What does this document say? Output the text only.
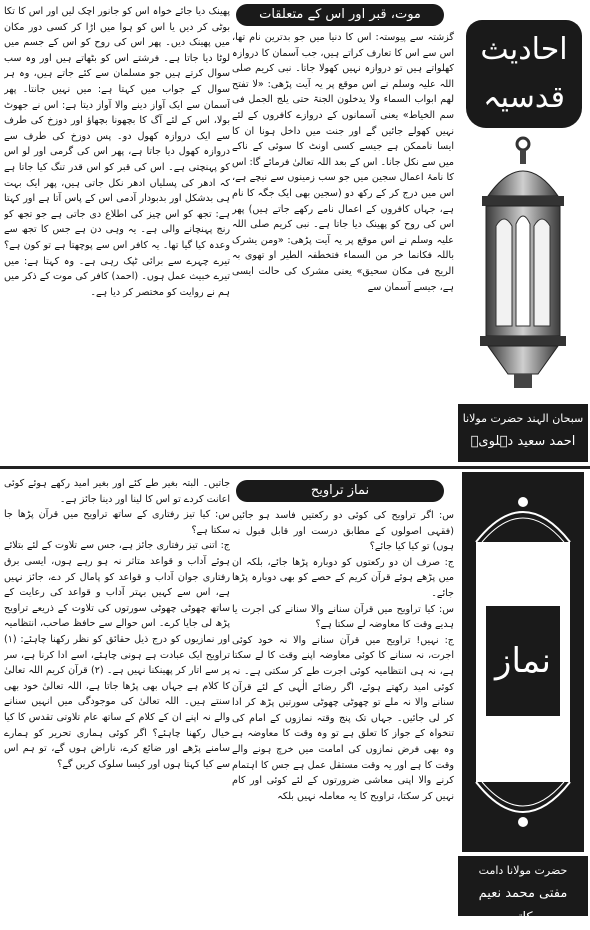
موت، قبر اور اس کے متعلقات

گزشتہ سے پیوستہ: اس کا دنیا میں جو بدترین نام تھا، اس سے اس کا تعارف کراتے ہیں، جب آسمان کا دروازہ کھلواتے ہیں تو دروازہ نہیں کھولا جاتا۔ نبی کریم صلی اللہ علیہ وسلم نے اس موقع پر یہ آیت پڑھی: «لا تفتح لھم ابواب السماء ولا یدخلون الجنۃ حتی یلج الجمل فی سم الخیاط» یعنی آسمانوں کے دروازے کافروں کے لئے نہیں کھولے جائیں گے اور جنت میں داخل ہونا ان کا ایسا ناممکن ہے جیسے کسی اونٹ کا سوئی کے ناکے میں سے نکل جانا۔ اس کے بعد اللہ تعالیٰ فرمائے گا: اس کا نامۂ اعمال سجین میں جو سب زمینوں سے نیچے ہے، اس میں درج کر کے رکھ دو (سجین بھی ایک جگہ کا نام ہے، جہاں کافروں کے اعمال نامے رکھے جاتے ہیں) پھر اس کی روح کو پھینک دیا جاتا ہے۔ نبی کریم صلی اللہ علیہ وسلم نے اس موقع پر یہ آیت پڑھی: «ومن یشرک باللہ فکانما خر من السماء فتخطفہ الطیر او تھوی بہ الریح فی مکان سحیق» یعنی مشرک کی حالت ایسی ہے، جیسے آسمان سے

پھینک دیا جائے خواہ اس کو جانور اچک لیں اور اس کا تکا بوٹی کر دیں یا اس کو ہوا میں اڑا کر کسی دور مکان میں پھینک دیں۔ پھر اس کی روح کو اس کے جسم میں لوٹا دیا جاتا ہے۔ فرشتے اس کو بٹھاتے ہیں اور وہ سب سوال کرتے ہیں جو مسلمان سے کئے جاتے ہیں، وہ ہر سوال کے جواب میں کہتا ہے: میں نہیں جانتا۔ پھر آسمان سے ایک آواز دینے والا آواز دیتا ہے: اس نے جھوٹ بولا، اس کے لئے آگ کا بچھونا بچھاؤ اور دوزخ کی طرف سے ایک دروازہ کھول دو۔ پس دوزخ کی طرف سے دروازہ کھول دیا جاتا ہے، پھر اس کی گرمی اور لو اس کو پہنچتی ہے۔ اس کی قبر کو اس قدر تنگ کیا جاتا ہے کہ ادھر کی پسلیاں ادھر نکل جاتی ہیں، پھر ایک بہت ہی بدشکل اور بدبودار آدمی اس کے پاس آتا ہے اور کہتا ہے: تجھ کو اس چیز کی اطلاع دی جاتی ہے جو تجھ کو رنج پہنچانے والی ہے۔ یہ وہی دن ہے جس کا تجھ سے وعدہ کیا گیا تھا۔ یہ کافر اس سے پوچھتا ہے تو کون ہے؟ تیرے چہرے سے برائی ٹپک رہی ہے۔ وہ کہتا ہے: میں تیرے خبیث عمل ہوں۔ (احمد) کافر کی موت کے ذکر میں ہم نے روایت کو مختصر کر دیا ہے۔

احادیث
قدسیہ
سبحان الہند حضرت مولانا
احمد سعید دہلویؒ
نماز تراویح

س: اگر تراویح کی کوئی دو رکعتیں فاسد ہو جائیں (فقہی اصولوں کے مطابق درست اور قابل قبول نہ ہوں) تو کیا کیا جائے؟

ج: صرف ان دو رکعتوں کو دوبارہ پڑھا جائے، بلکہ ان میں پڑھے ہوئے قرآن کریم کے حصے کو بھی دوبارہ پڑھا جائے۔

س: کیا تراویح میں قرآن سنانے والا سنانے کی اجرت یا ہدیے وقت کا معاوضہ لے سکتا ہے؟

ج: نہیں! تراویح میں قرآن سنانے والا نہ خود کوئی اجرت، نہ سنانے کا کوئی معاوضہ اپنے وقت کا لے سکتا ہے، نہ ہی انتظامیہ کوئی اجرت طے کر سکتی ہے۔ نہ کوئی امید رکھتے ہوئے، اگر رضائے الٰہی کے لئے قرآن سنانے والا نہ ملے تو چھوٹی چھوٹی سورتیں پڑھ کر ادا کر لی جائیں۔ جہاں تک پنج وقتہ نمازوں کے امام کی تنخواہ کے جواز کا تعلق ہے تو وہ وقت کا معاوضہ ہے وہ بھی فرض نمازوں کی امامت میں خرچ ہونے والے وقت کا ہے اور یہ وقت مستقل عمل ہے جس کا اہتمام کرنے والا اپنی معاشی ضرورتوں کے لئے کوئی اور کام نہیں کر سکتا، تراویح کا یہ معاملہ نہیں بلکہ

جاتیں۔ البتہ بغیر طے کئے اور بغیر امید رکھے ہوئے کوئی اعانت کردے تو اس کا لینا اور دینا جائز ہے۔

س: کیا تیز رفتاری کے ساتھ تراویح میں قرآن پڑھا جا سکتا ہے؟

ج: اتنی تیز رفتاری جائز ہے، جس سے تلاوت کے لئے بتلائے ہوئے آداب و قواعد متاثر نہ ہو رہے ہوں، ایسی برق رفتاری جوان آداب و قواعد کو پامال کر دے، جائز نہیں ہے، اس سے کہیں بہتر آداب و قواعد کی رعایت کے ساتھ چھوٹی چھوٹی سورتوں کی تلاوت کے ذریعے تراویح پڑھ لی جایا کرے۔ اس حوالے سے حافظ صاحب، انتظامیہ اور نمازیوں کو درج ذیل حقائق کو نظر رکھنا چاہئے: (۱) تراویح ایک عبادت ہے ہونی چاہئے، اسے ادا کرنا ہے، سر پر سے اتار کر پھینکنا نہیں ہے۔ (۲) قرآن کریم اللہ تعالیٰ کا کلام ہے جہاں بھی پڑھا جاتا ہے، اللہ تعالیٰ خود بھی سنتے ہیں۔ اللہ تعالیٰ کی موجودگی میں انہیں سنانے والے نہ اپنے ان کے کلام کے ساتھ عام تلاوتی تقدس کا کیا خیال رکھنا چاہئے؟ اگر کوئی ہماری تحریر کو ہمارے سامنے پڑھے اور ضائع کرے، ناراض ہوں گے، تو ہم اس سے کیا کہتا ہوں اور کیسا سلوک کریں گے؟

نماز
حضرت مولانا دامت
مفتی محمد نعیم برکاتہم
